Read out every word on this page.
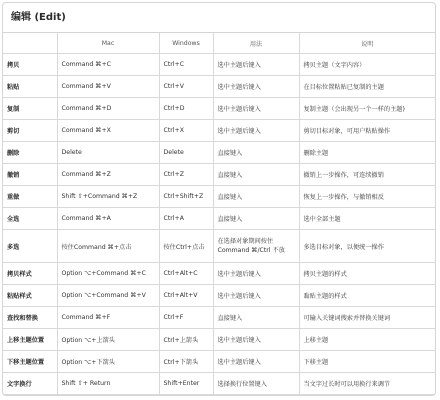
编辑 (Edit)
	Mac	Windows	用法	说明
拷贝	Command ⌘+C	Ctrl+C	选中主题后键入	拷贝主题（文字内容）
粘贴	Command ⌘+V	Ctrl+V	选中主题后键入	在目标位置粘贴已复制的主题
复制	Command ⌘+D	Ctrl+D	选中主题后键入	复制主题（会出现另一个一样的主题)
剪切	Command ⌘+X	Ctrl+X	选中主题后键入	剪切目标对象，可用户粘贴操作
删除	Delete	Delete	直接键入	删除主题
撤销	Command ⌘+Z	Ctrl+Z	直接键入	撤销上一步操作，可连续撤销
重做	Shift ⇧+Command ⌘+Z	Ctrl+Shift+Z	直接键入	恢复上一步操作，与撤销相反
全选	Command ⌘+A	Ctrl+A	直接键入	选中全部主题
多选	按住Command ⌘+点击	按住Ctrl+点击	在选择对象期间按住 Command ⌘/Ctrl 不放	多选目标对象，以便统一操作
拷贝样式	Option ⌥+Command ⌘+C	Ctrl+Alt+C	选中主题后键入	拷贝主题的样式
粘贴样式	Option ⌥+Command ⌘+V	Ctrl+Alt+V	选中主题后键入	黏贴主题的样式
查找和替换	Command ⌘+F	Ctrl+F	直接键入	可输入关键词搜索并替换关键词
上移主题位置	Option ⌥+上箭头	Ctrl+上箭头	选中主题后键入	上移主题
下移主题位置	Option ⌥+下箭头	Ctrl+下箭头	选中主题后键入	下移主题
文字换行	Shift ⇧+ Return	Shift+Enter	选择换行位置键入	当文字过长时可以用换行来调节
